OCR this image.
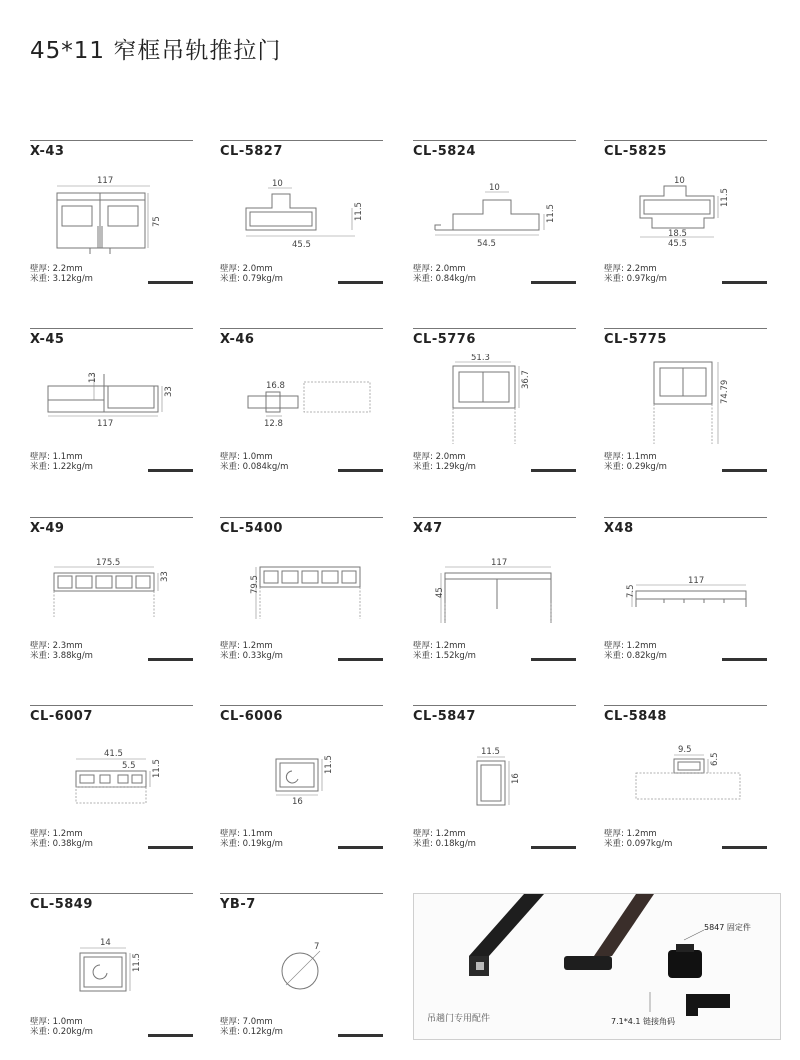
45*11 窄框吊轨推拉门
X-43
117
75
壁厚: 2.2mm
米重: 3.12kg/m
CL-5827
10
11.5
45.5
壁厚: 2.0mm
米重: 0.79kg/m
CL-5824
10
11.5
54.5
壁厚: 2.0mm
米重: 0.84kg/m
CL-5825
10
11.5
18.5
45.5
壁厚: 2.2mm
米重: 0.97kg/m
X-45
13
33
117
壁厚: 1.1mm
米重: 1.22kg/m
X-46
16.8
12.8
壁厚: 1.0mm
米重: 0.084kg/m
CL-5776
51.3
36.7
壁厚: 2.0mm
米重: 1.29kg/m
CL-5775
74.79
壁厚: 1.1mm
米重: 0.29kg/m
X-49
175.5
33
壁厚: 2.3mm
米重: 3.88kg/m
CL-5400
79.5
壁厚: 1.2mm
米重: 0.33kg/m
X47
117
45
壁厚: 1.2mm
米重: 1.52kg/m
X48
117
7.5
壁厚: 1.2mm
米重: 0.82kg/m
CL-6007
41.5
5.5 11.5
壁厚: 1.2mm
米重: 0.38kg/m
CL-6006
11.5
16
壁厚: 1.1mm
米重: 0.19kg/m
CL-5847
11.5
16
壁厚: 1.2mm
米重: 0.18kg/m
CL-5848
9.5
6.5
壁厚: 1.2mm
米重: 0.097kg/m
CL-5849
14
11.5
壁厚: 1.0mm
米重: 0.20kg/m
YB-7
7
壁厚: 7.0mm
米重: 0.12kg/m
吊趟门专用配件
5847 固定件
7.1*4.1 链接角码
